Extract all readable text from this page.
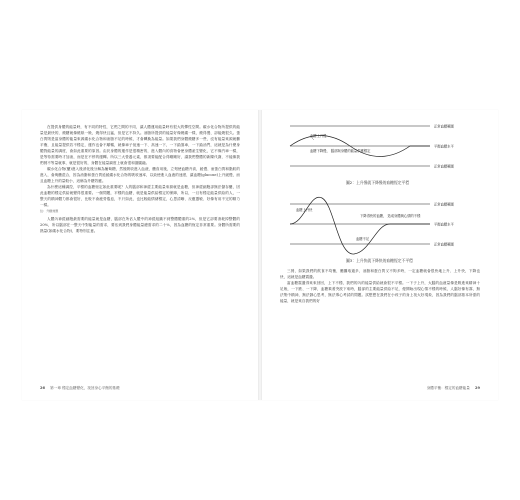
在提供身體的能量時，有不同的特性，它們之間的不同，讓人體運用能量時有很大的彈性空間。碳水化合物所提供的能量是最快的，燒糖就像燒紙一般，燒得快且猛，但是它不持久。油脂所提供的能量好像燒碳一樣，燒得慢、卻能燒很久。蛋白質則是當身體的能量來源碳水化合物和油脂不足的時候，才會轉換為能量。如果我們身體燒糖多一些，沒有能量來源就難平衡，且能量提供若不穩定，運作也會不順暢，就像車子低速一下、高速一下，一下踏煞車，一下踏油門，這就是為什麼身體對能量的調度，會如此重要的原因。由於身體的運作是很精密的，進入體內的食物會使身體產生變化，它不像汽車一樣，是等待需要時才加油，而是在不停的運轉。所以三大營養元素，都須要能配合得剛剛好，讓我們整體的新陳代謝，不能像我們餐不等量就事，就是很好的，身體在能量調度上就會很和諧圓融。

碳水化合物(醣)進入後消化後分解為葡萄糖，然後吸收進入血液，醣食用後，立刻使血糖升高，緩慢、而蛋白質和脂肪的進入，會與醣混合，因為油脂和蛋白質延緩碳水化合物的吸收速率，以致使進入血液的速度，讓血糖(glucose)上升緩慢，而且血糖上升的量較小，這稱為升糖效應。

為什麼這種調控，平穩的血糖恆定如此重要呢？人的腦部和神經主要能量來源就是血糖，但神經細胞卻無法儲存醣，因此血糖的穩定供給就變得很重要。一個問題，平穩的血糖，就是能量供給穩定的保障，所以，一旦有穩定能量供給的人，一整天的精神體力都會很好，比較不會疲勞倦怠，不只如此，也比較能情緒穩定，心思清晰、反應靈敏、好像有用不完的精力一樣。

註：升糖效應

人體內神經細胞最需要的能量就是血糖，腦部在所佔人體中的神經組織不到整體體重的2%，但是它卻要消耗掉整體的20%，所以腦部在一整天中對能量的需求，要佔到我們身體能量總需求的二十%，因為血糖的恆定非常重要。身體所需要的熱量(如碳水化合物)，要特別注意。

26 第一章 穩定血糖變化，找回身心平衡的基礎
正常血糖範圍
平衡血糖水平
正常血糖範圍
血糖上升慢
血糖下降慢， 腦部與身體的能量供應穩定
圖2：上升慢就下降慢的血糖恆定平穩
正常血糖範圍
平衡血糖水平
正常血糖範圍
血糖上升快
下降得快的血糖， 造成身體與心情的不穩
血糖不足
圖3：上升快就下降快的血糖恆定不平穩

三餐，如果我們的飲食不均衡，醣攝取過多，油脂和蛋白質又不夠多時，一定血糖就會很快地上升、上升快，下降也快，這就是血糖震盪。

當血糖震盪得來來回回，上下不穩，我們的內的能量供給就會很不平穩。一下子上升，大腦的血液量像是吸進來精神十足般，一下跌、一下降，血糖乘著突波下來時，腦部的主要能量供給不足，便開始出現心情不穩的時候，人腦好像有霧，無法集中精神，無法靜心思考，無法專心考試的問題。試想想在我們在小孩子的身上找大好現象，因為我們的腦部基本所需的能量，就是來自我們的好

身體平衡：穩定的血糖能量 29
